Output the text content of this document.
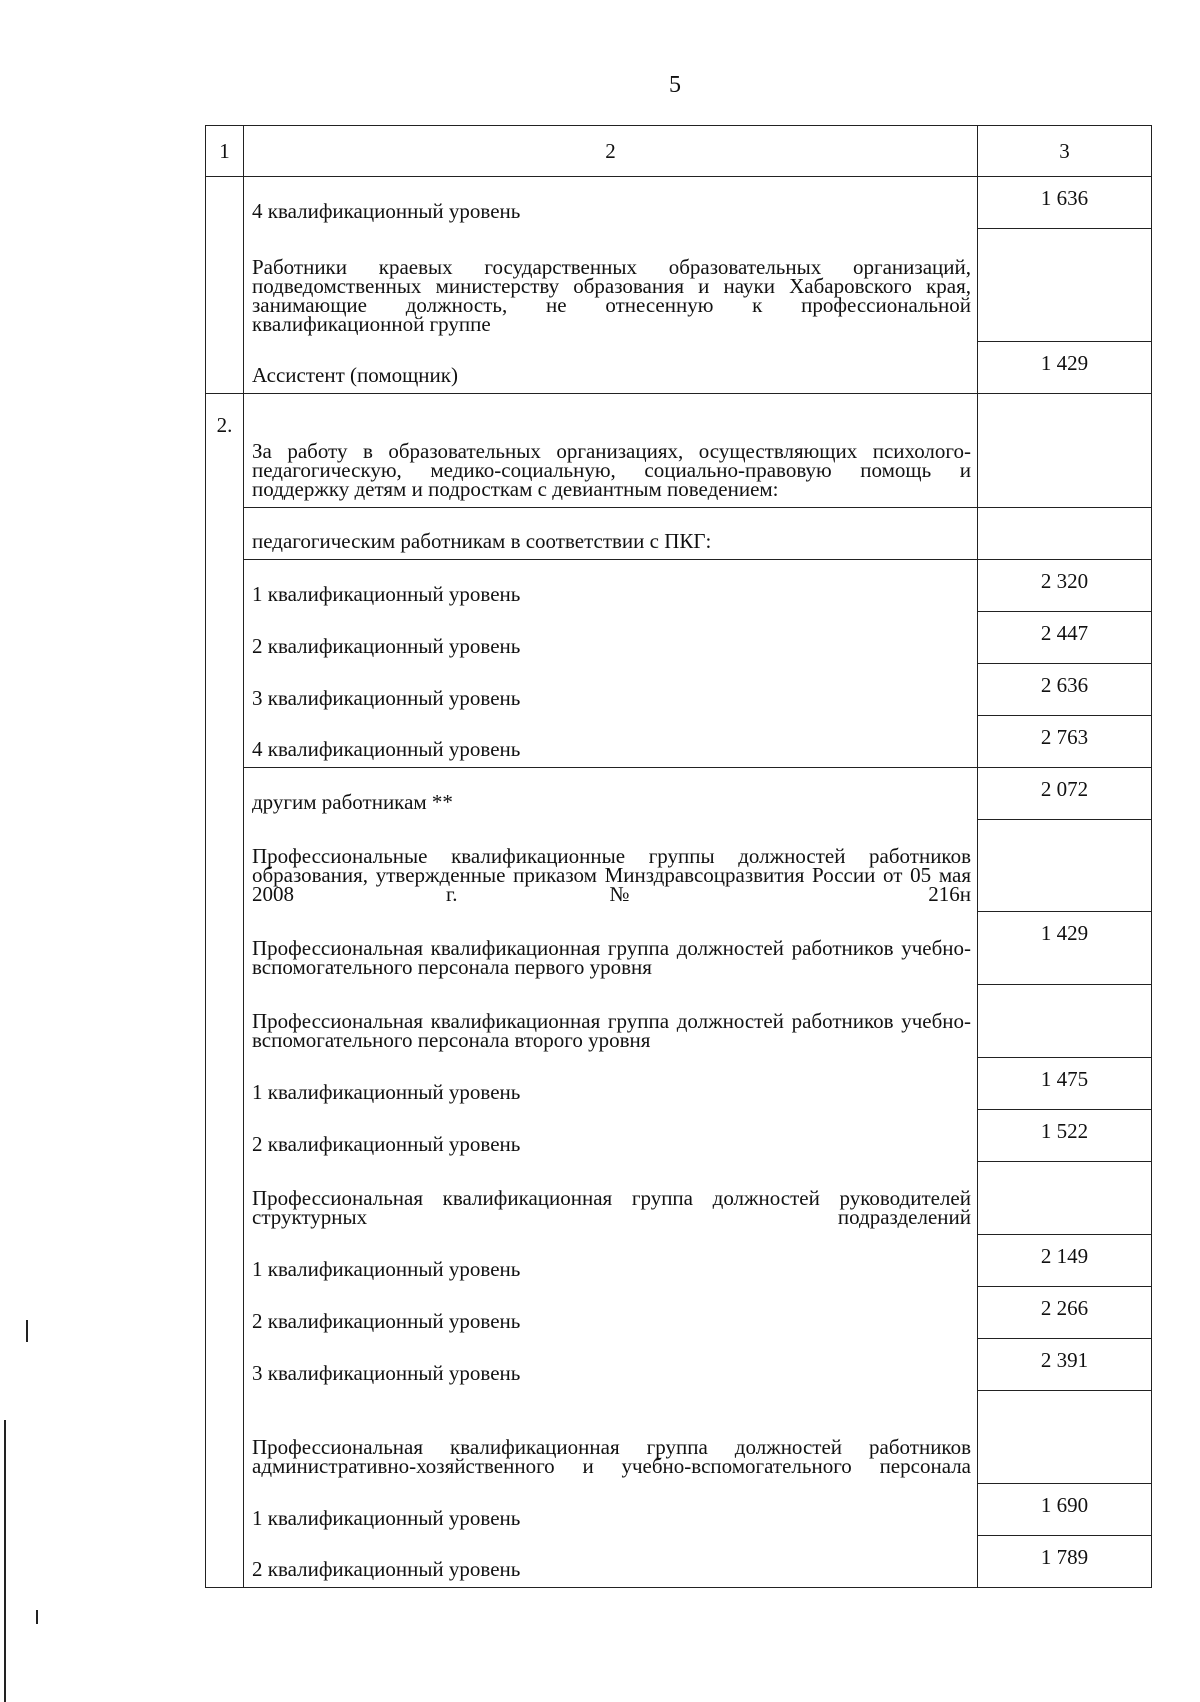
5
1	2	3
	4 квалификационный уровень	1 636
	Работники краевых государственных образовательных организаций, подведомственных министерству образования и науки Хабаровского края, занимающие должность, не отнесенную к профессиональной квалификационной группе	
	Ассистент (помощник)	1 429
2.	За работу в образовательных организациях, осуществляющих психолого-педагогическую, медико-социальную, социально-правовую помощь и поддержку детям и подросткам с девиантным поведением:	
	педагогическим работникам в соответствии с ПКГ:	
	1 квалификационный уровень	2 320
	2 квалификационный уровень	2 447
	3 квалификационный уровень	2 636
	4 квалификационный уровень	2 763
	другим работникам **	2 072
	Профессиональные квалификационные группы должностей работников образования, утвержденные приказом Минздравсоцразвития России от 05 мая 2008 г. № 216н	
	Профессиональная квалификационная группа должностей работников учебно-вспомогательного персонала первого уровня	1 429
	Профессиональная квалификационная группа должностей работников учебно-вспомогательного персонала второго уровня	
	1 квалификационный уровень	1 475
	2 квалификационный уровень	1 522
	Профессиональная квалификационная группа должностей руководителей структурных подразделений	
	1 квалификационный уровень	2 149
	2 квалификационный уровень	2 266
	3 квалификационный уровень	2 391
	Профессиональная квалификационная группа должностей работников административно-хозяйственного и учебно-вспомогательного персонала	
	1 квалификационный уровень	1 690
	2 квалификационный уровень	1 789
